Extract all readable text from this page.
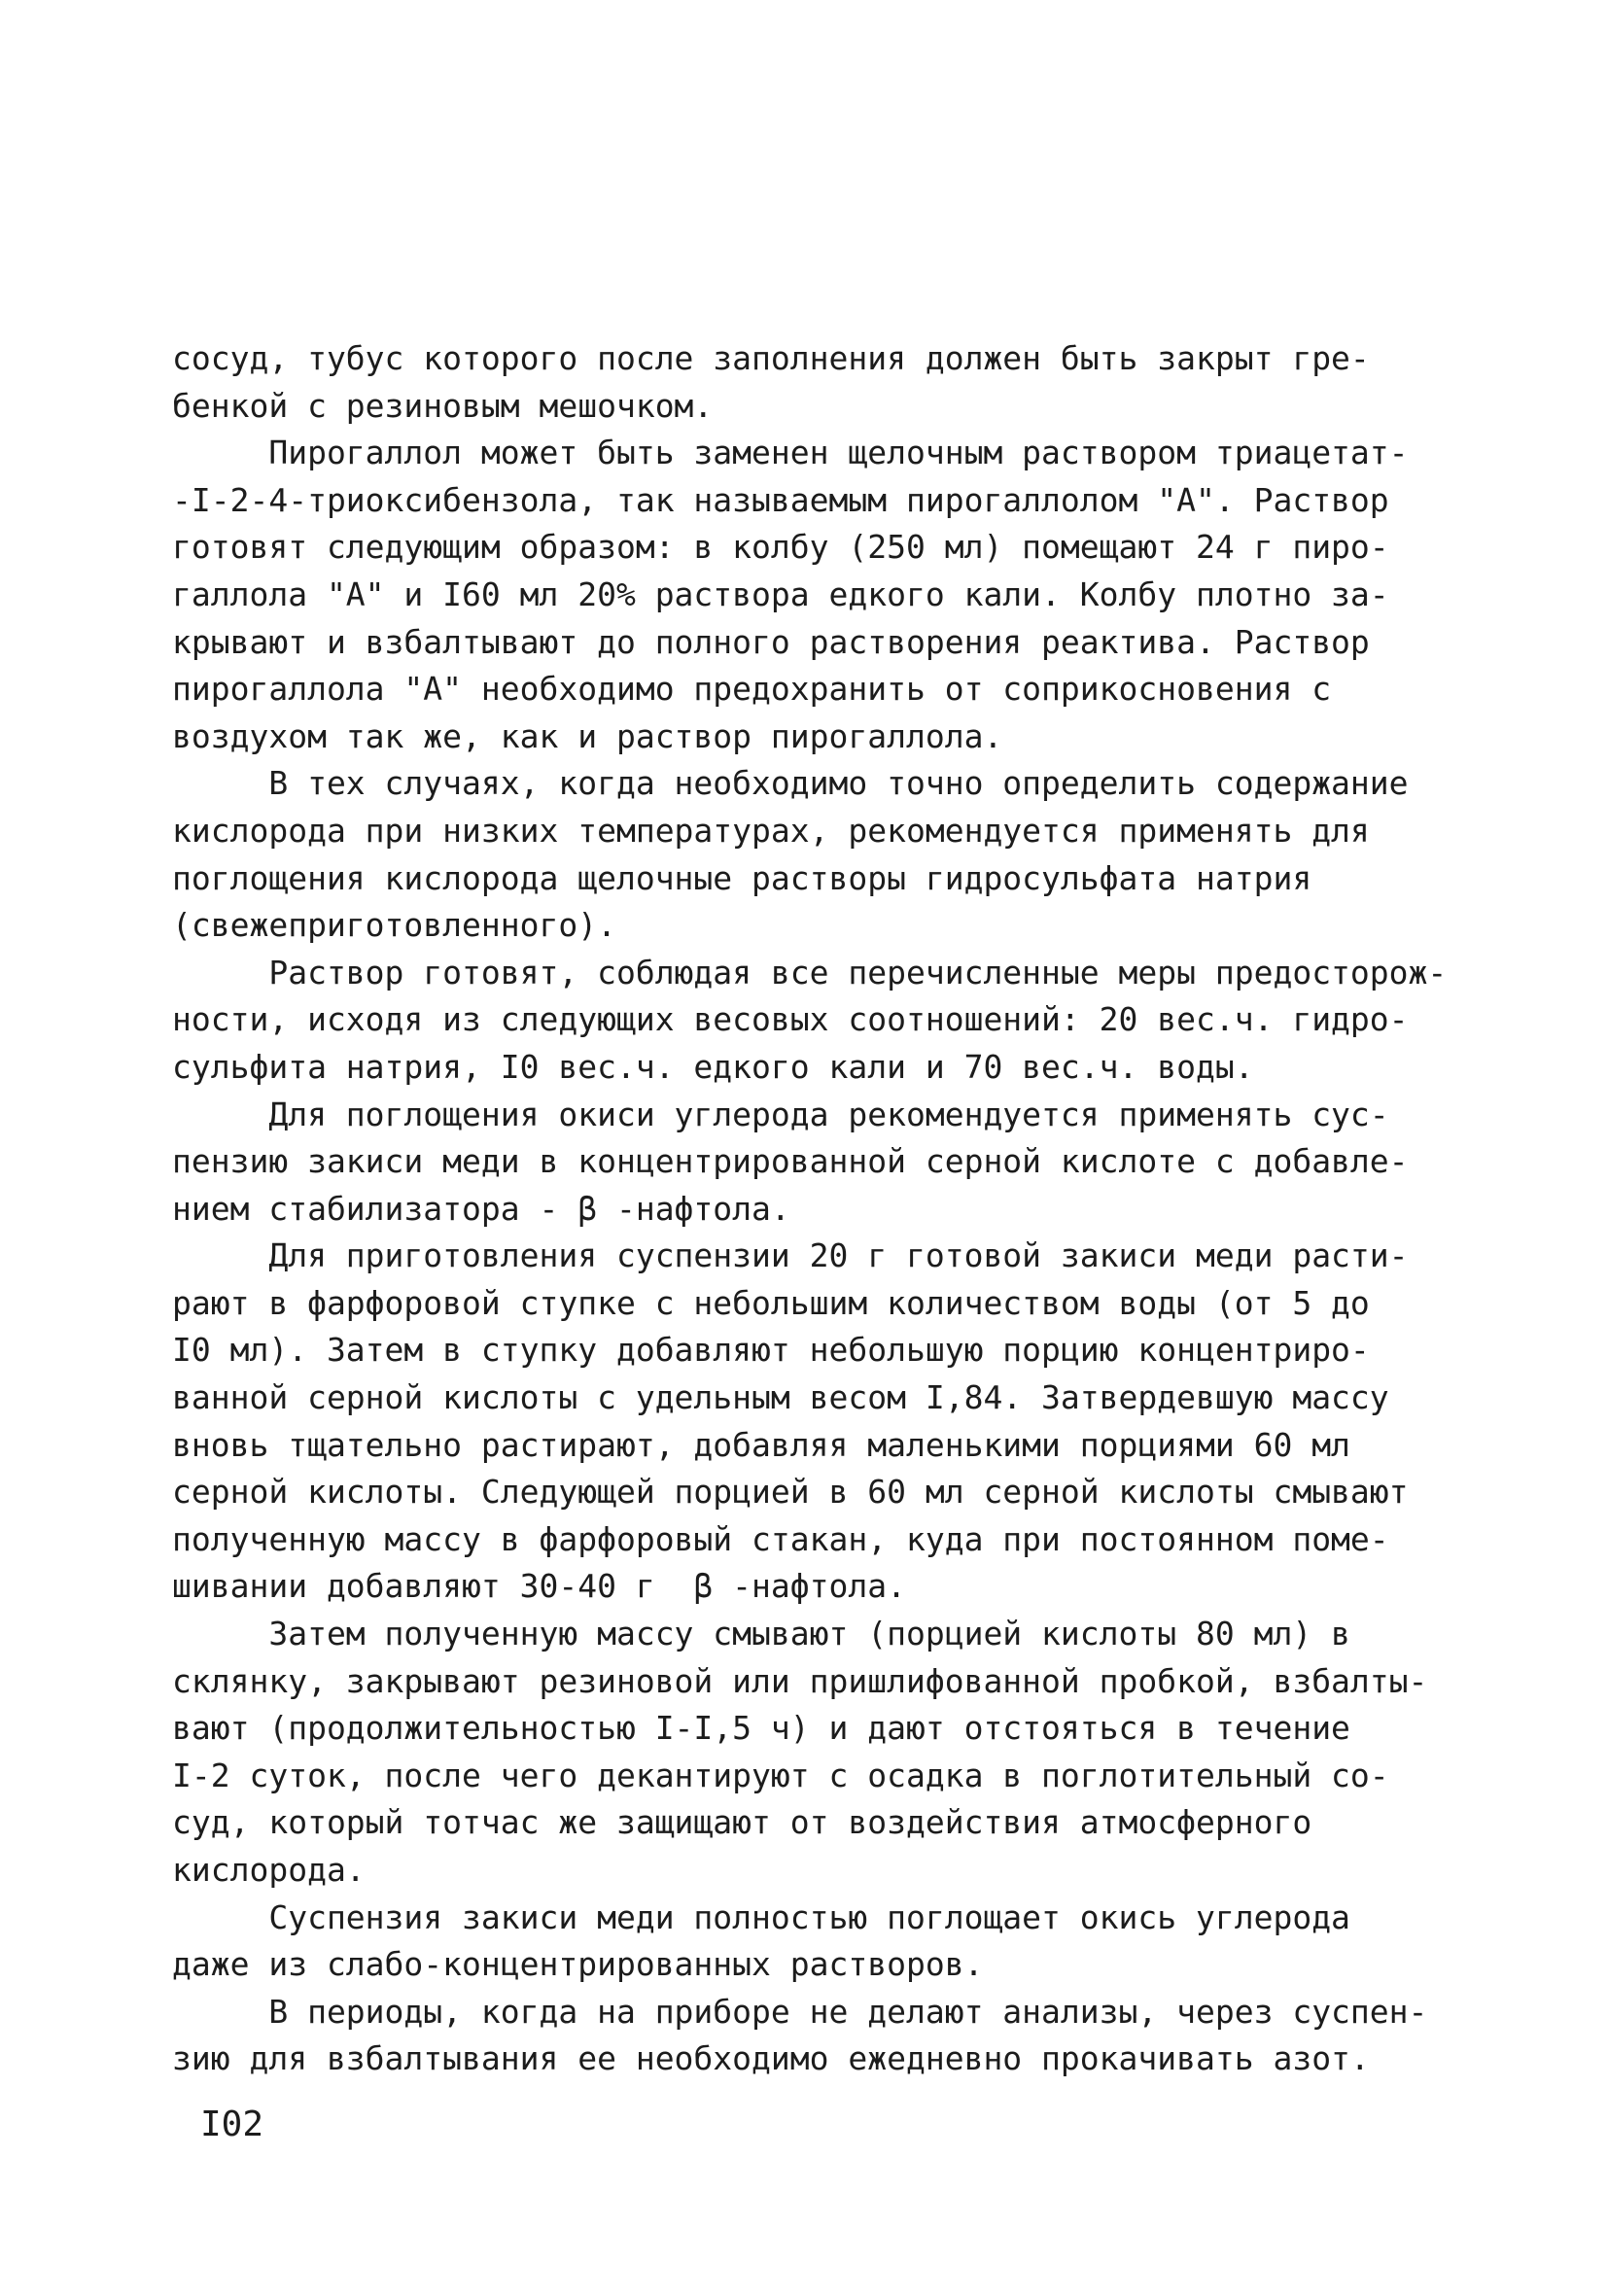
сосуд, тубус которого после заполнения должен быть закрыт гре-
бенкой с резиновым мешочком.
Пирогаллол может быть заменен щелочным раствором триацетат-
-I-2-4-триоксибензола, так называемым пирогаллолом "А". Раствор
готовят следующим образом: в колбу (250 мл) помещают 24 г пиро-
галлола "А" и I60 мл 20% раствора едкого кали. Колбу плотно за-
крывают и взбалтывают до полного растворения реактива. Раствор
пирогаллола "А" необходимо предохранить от соприкосновения с
воздухом так же, как и раствор пирогаллола.
В тех случаях, когда необходимо точно определить содержание
кислорода при низких температурах, рекомендуется применять для
поглощения кислорода щелочные растворы гидросульфата натрия
(свежеприготовленного).
Раствор готовят, соблюдая все перечисленные меры предосторож-
ности, исходя из следующих весовых соотношений: 20 вес.ч. гидро-
сульфита натрия, I0 вес.ч. едкого кали и 70 вес.ч. воды.
Для поглощения окиси углерода рекомендуется применять сус-
пензию закиси меди в концентрированной серной кислоте с добавле-
нием стабилизатора - β -нафтола.
Для приготовления суспензии 20 г готовой закиси меди расти-
рают в фарфоровой ступке с небольшим количеством воды (от 5 до
I0 мл). Затем в ступку добавляют небольшую порцию концентриро-
ванной серной кислоты с удельным весом I,84. Затвердевшую массу
вновь тщательно растирают, добавляя маленькими порциями 60 мл
серной кислоты. Следующей порцией в 60 мл серной кислоты смывают
полученную массу в фарфоровый стакан, куда при постоянном поме-
шивании добавляют 30-40 г  β -нафтола.
Затем полученную массу смывают (порцией кислоты 80 мл) в
склянку, закрывают резиновой или пришлифованной пробкой, взбалты-
вают (продолжительностью I-I,5 ч) и дают отстояться в течение
I-2 суток, после чего декантируют с осадка в поглотительный со-
суд, который тотчас же защищают от воздействия атмосферного
кислорода.
Суспензия закиси меди полностью поглощает окись углерода
даже из слабо-концентрированных растворов.
В периоды, когда на приборе не делают анализы, через суспен-
зию для взбалтывания ее необходимо ежедневно прокачивать азот.
I02
